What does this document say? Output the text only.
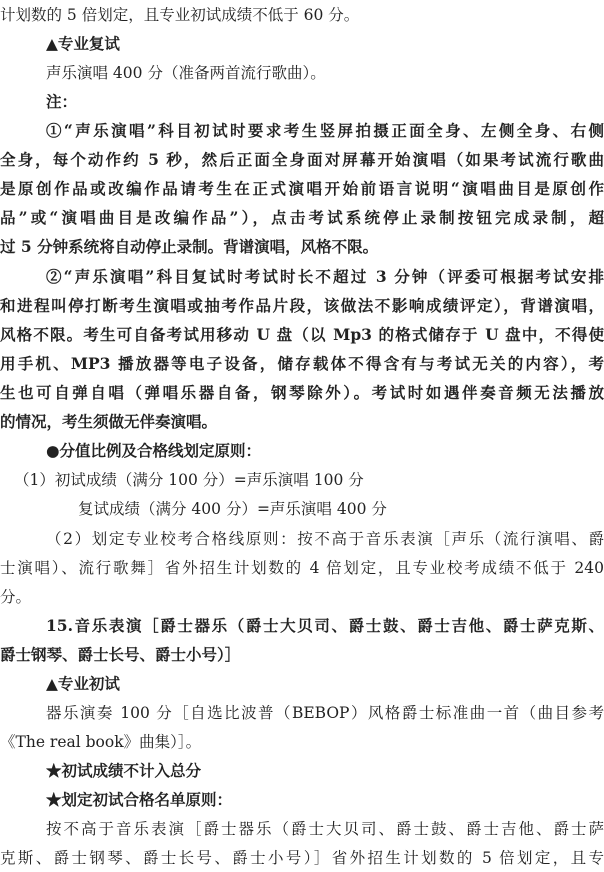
计划数的 5 倍划定，且专业初试成绩不低于 60 分。
▲专业复试
声乐演唱 400 分（准备两首流行歌曲）。
注：
①“声乐演唱”科目初试时要求考生竖屏拍摄正面全身、左侧全身、右侧
全身，每个动作约 5 秒，然后正面全身面对屏幕开始演唱（如果考试流行歌曲
是原创作品或改编作品请考生在正式演唱开始前语言说明“演唱曲目是原创作
品”或“演唱曲目是改编作品”），点击考试系统停止录制按钮完成录制，超
过 5 分钟系统将自动停止录制。背谱演唱，风格不限。
②“声乐演唱”科目复试时考试时长不超过 3 分钟（评委可根据考试安排
和进程叫停打断考生演唱或抽考作品片段，该做法不影响成绩评定），背谱演唱，
风格不限。考生可自备考试用移动 U 盘（以 Mp3 的格式储存于 U 盘中，不得使
用手机、MP3 播放器等电子设备，储存载体不得含有与考试无关的内容），考
生也可自弹自唱（弹唱乐器自备，钢琴除外）。考试时如遇伴奏音频无法播放
的情况，考生须做无伴奏演唱。
●分值比例及合格线划定原则：
（1）初试成绩（满分 100 分）=声乐演唱 100 分
复试成绩（满分 400 分）=声乐演唱 400 分
（2）划定专业校考合格线原则：按不高于音乐表演［声乐（流行演唱、爵
士演唱）、流行歌舞］省外招生计划数的 4 倍划定，且专业校考成绩不低于 240
分。
15.音乐表演［爵士器乐（爵士大贝司、爵士鼓、爵士吉他、爵士萨克斯、
爵士钢琴、爵士长号、爵士小号）］
▲专业初试
器乐演奏 100 分［自选比波普（BEBOP）风格爵士标准曲一首（曲目参考
《The real book》曲集）］。
★初试成绩不计入总分
★划定初试合格名单原则：
按不高于音乐表演［爵士器乐（爵士大贝司、爵士鼓、爵士吉他、爵士萨
克斯、爵士钢琴、爵士长号、爵士小号）］省外招生计划数的 5 倍划定，且专
